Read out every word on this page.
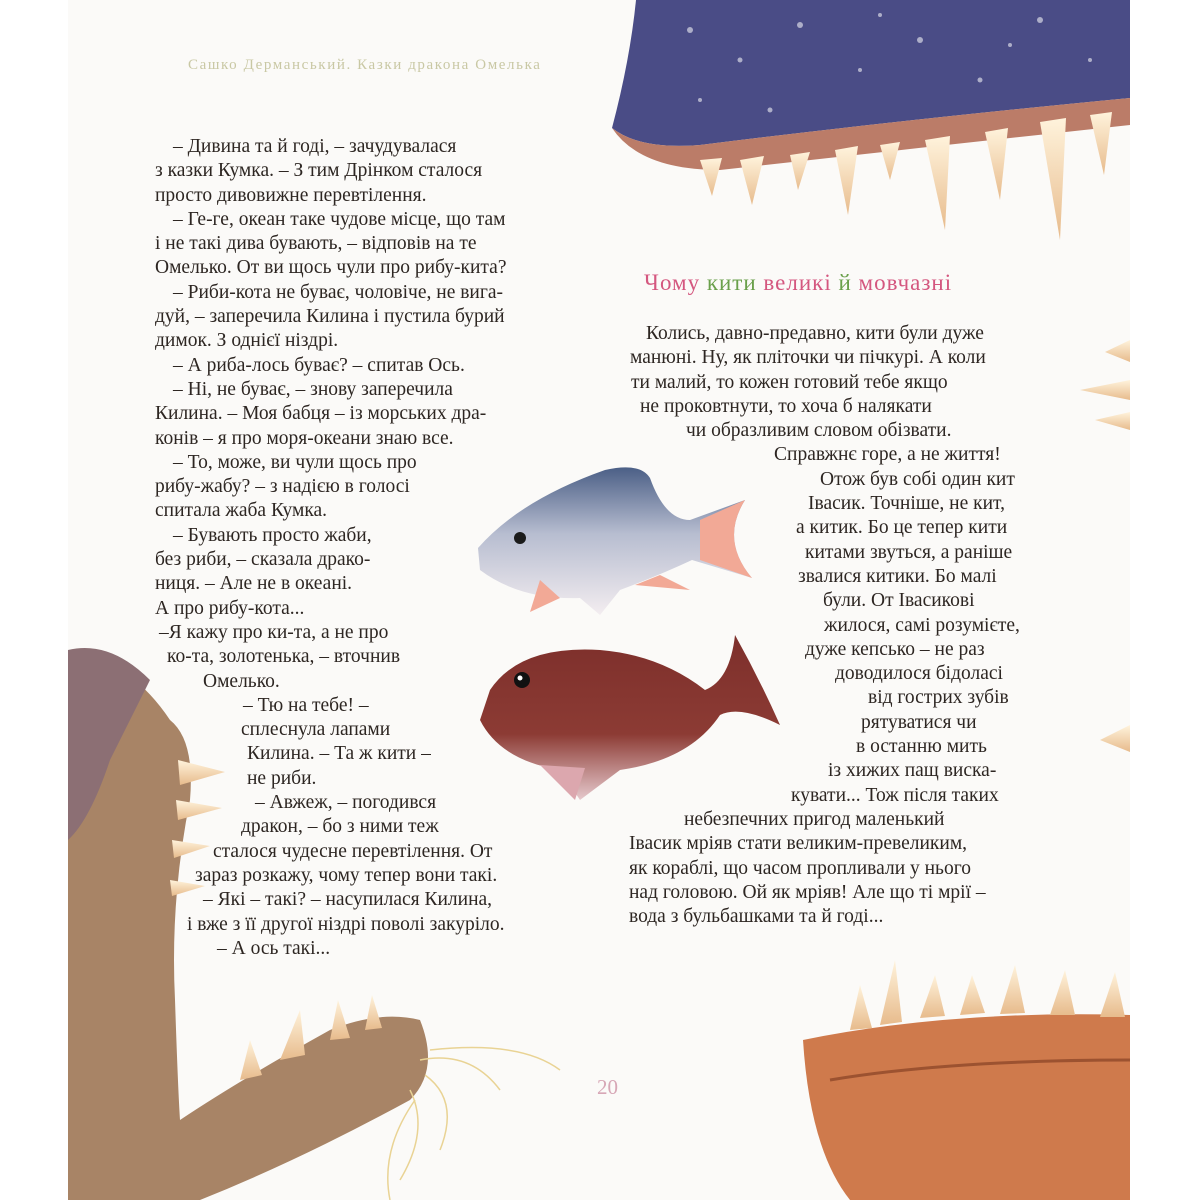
Сашко Дерманський. Казки дракона Омелька
– Дивина та й годі, – зачудувалася
з казки Кумка. – З тим Дрінком сталося
просто дивовижне перевтілення.
– Ге-ге, океан таке чудове місце, що там
і не такі дива бувають, – відповів на те
Омелько. От ви щось чули про рибу-кита?
– Риби-кота не буває, чоловіче, не вига-
дуй, – заперечила Килина і пустила бурий
димок. З однієї ніздрі.
– А риба-лось буває? – спитав Ось.
– Ні, не буває, – знову заперечила
Килина. – Моя бабця – із морських дра-
конів – я про моря-океани знаю все.
– То, може, ви чули щось про
рибу-жабу? – з надією в голосі
спитала жаба Кумка.
– Бувають просто жаби,
без риби, – сказала драко-
ниця. – Але не в океані.
А про рибу-кота...
–Я кажу про ки-та, а не про
ко-та, золотенька, – вточнив
Омелько.
– Тю на тебе! –
сплеснула лапами
Килина. – Та ж кити –
не риби.
– Авжеж, – погодився
дракон, – бо з ними теж
сталося чудесне перевтілення. От
зараз розкажу, чому тепер вони такі.
– Які – такі? – насупилася Килина,
і вже з її другої ніздрі поволі закуріло.
– А ось такі...
Чому кити великі й мовчазні
Колись, давно-предавно, кити були дуже
манюні. Ну, як пліточки чи пічкурі. А коли
ти малий, то кожен готовий тебе якщо
не проковтнути, то хоча б налякати
чи образливим словом обізвати.
Справжнє горе, а не життя!
Отож був собі один кит
Івасик. Точніше, не кит,
а китик. Бо це тепер кити
китами звуться, а раніше
звалися китики. Бо малі
були. От Івасикові
жилося, самі розумієте,
дуже кепсько – не раз
доводилося бідоласі
від гострих зубів
рятуватися чи
в останню мить
із хижих пащ виска-
кувати... Тож після таких
небезпечних пригод маленький
Івасик мріяв стати великим-превеликим,
як кораблі, що часом пропливали у нього
над головою. Ой як мріяв! Але що ті мрії –
вода з бульбашками та й годі...
20
